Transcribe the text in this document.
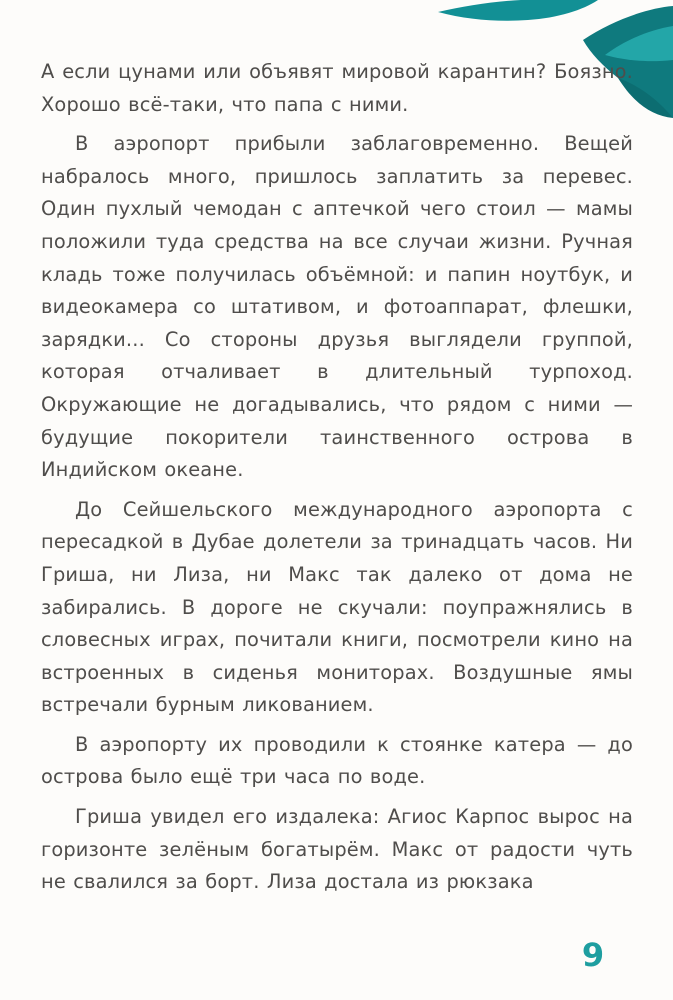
А если цунами или объявят мировой карантин? Боязно. Хорошо всё-таки, что папа с ними.

В аэропорт прибыли заблаговременно. Вещей набралось много, пришлось заплатить за перевес. Один пухлый чемодан с аптечкой чего стоил — мамы положили туда средства на все случаи жизни. Ручная кладь тоже получилась объёмной: и папин ноутбук, и видеокамера со штативом, и фотоаппарат, флешки, зарядки... Со стороны друзья выглядели группой, которая отчаливает в длительный турпоход. Окружающие не догадывались, что рядом с ними — будущие покорители таинственного острова в Индийском океане.

До Сейшельского международного аэропорта с пересадкой в Дубае долетели за тринадцать часов. Ни Гриша, ни Лиза, ни Макс так далеко от дома не забирались. В дороге не скучали: поупражнялись в словесных играх, почитали книги, посмотрели кино на встроенных в сиденья мониторах. Воздушные ямы встречали бурным ликованием.

В аэропорту их проводили к стоянке катера — до острова было ещё три часа по воде.

Гриша увидел его издалека: Агиос Карпос вырос на горизонте зелёным богатырём. Макс от радости чуть не свалился за борт. Лиза достала из рюкзака

9
